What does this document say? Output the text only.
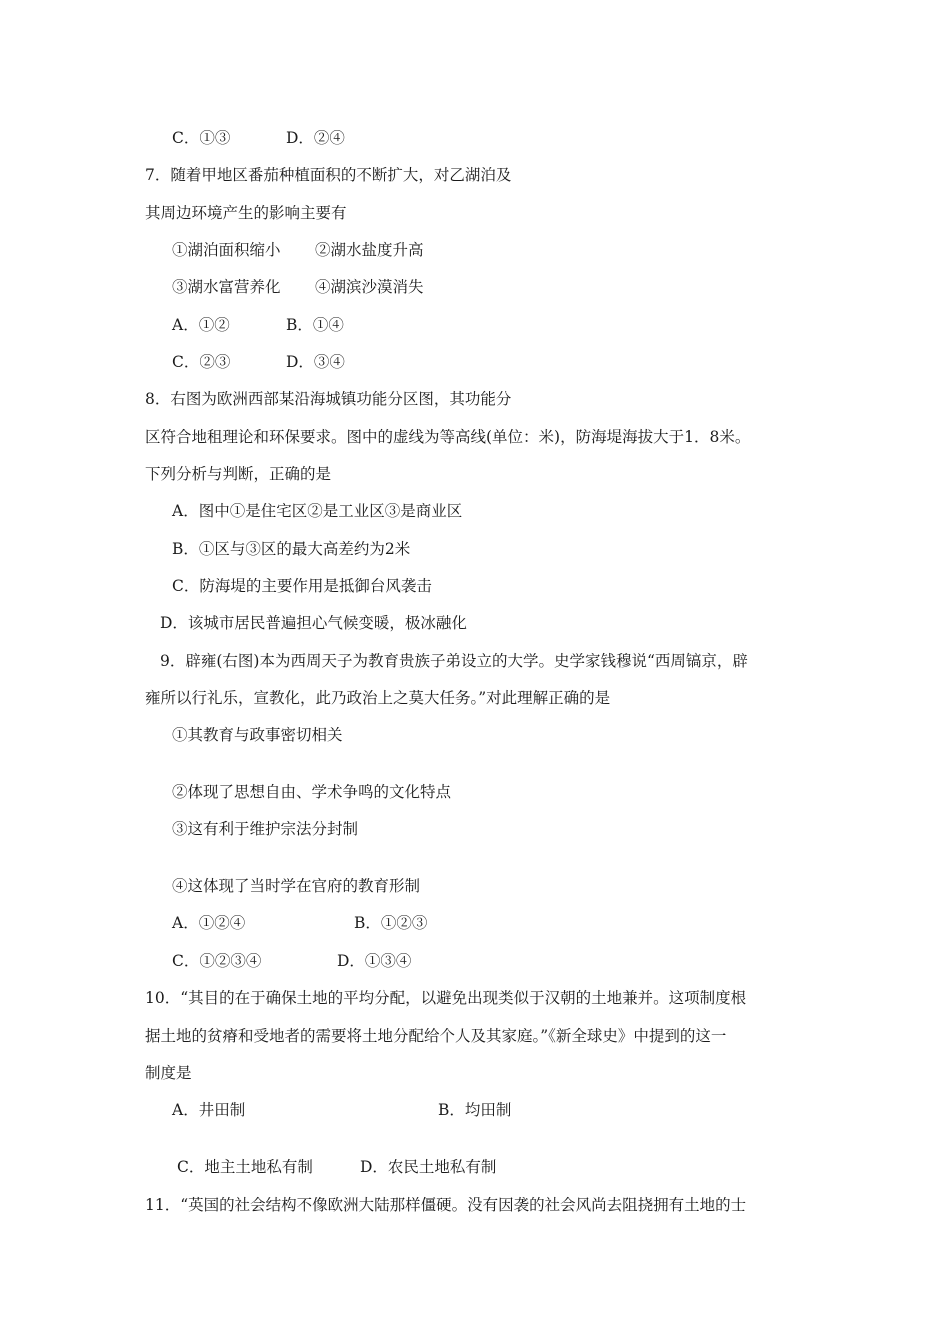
C．①③	D．②④
7．随着甲地区番茄种植面积的不断扩大，对乙湖泊及
其周边环境产生的影响主要有
①湖泊面积缩小 ②湖水盐度升高
③湖水富营养化 ④湖滨沙漠消失
A．①②	B．①④
C．②③	D．③④
8．右图为欧洲西部某沿海城镇功能分区图，其功能分
区符合地租理论和环保要求。图中的虚线为等高线(单位：米)，防海堤海拔大于1．8米。
下列分析与判断，正确的是
A．图中①是住宅区②是工业区③是商业区
B．①区与③区的最大高差约为2米
C．防海堤的主要作用是抵御台风袭击
D．该城市居民普遍担心气候变暖，极冰融化
9．辟雍(右图)本为西周天子为教育贵族子弟设立的大学。史学家钱穆说“西周镐京，辟
雍所以行礼乐，宣教化，此乃政治上之莫大任务。”对此理解正确的是
①其教育与政事密切相关
②体现了思想自由、学术争鸣的文化特点
③这有利于维护宗法分封制
④这体现了当时学在官府的教育形制
A．①②④	B．①②③
C．①②③④	D．①③④
10．“其目的在于确保土地的平均分配，以避免出现类似于汉朝的土地兼并。这项制度根
据土地的贫瘠和受地者的需要将土地分配给个人及其家庭。”《新全球史》中提到的这一
制度是
A．井田制	B．均田制
C．地主土地私有制	D．农民土地私有制
11．“英国的社会结构不像欧洲大陆那样僵硬。没有因袭的社会风尚去阻挠拥有土地的士
